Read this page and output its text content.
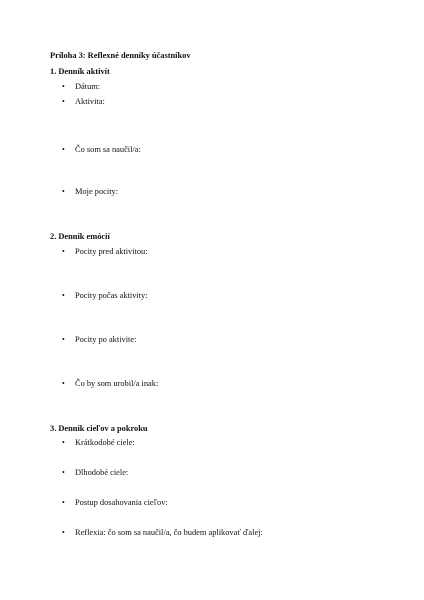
Príloha 3: Reflexné denníky účastníkov
1. Denník aktivít
• Dátum:
• Aktivita:
• Čo som sa naučil/a:
• Moje pocity:
2. Denník emócií
• Pocity pred aktivitou:
• Pocity počas aktivity:
• Pocity po aktivite:
• Čo by som urobil/a inak:
3. Denník cieľov a pokroku
• Krátkodobé ciele:
• Dlhodobé ciele:
• Postup dosahovania cieľov:
• Reflexia: čo som sa naučil/a, čo budem aplikovať ďalej:
